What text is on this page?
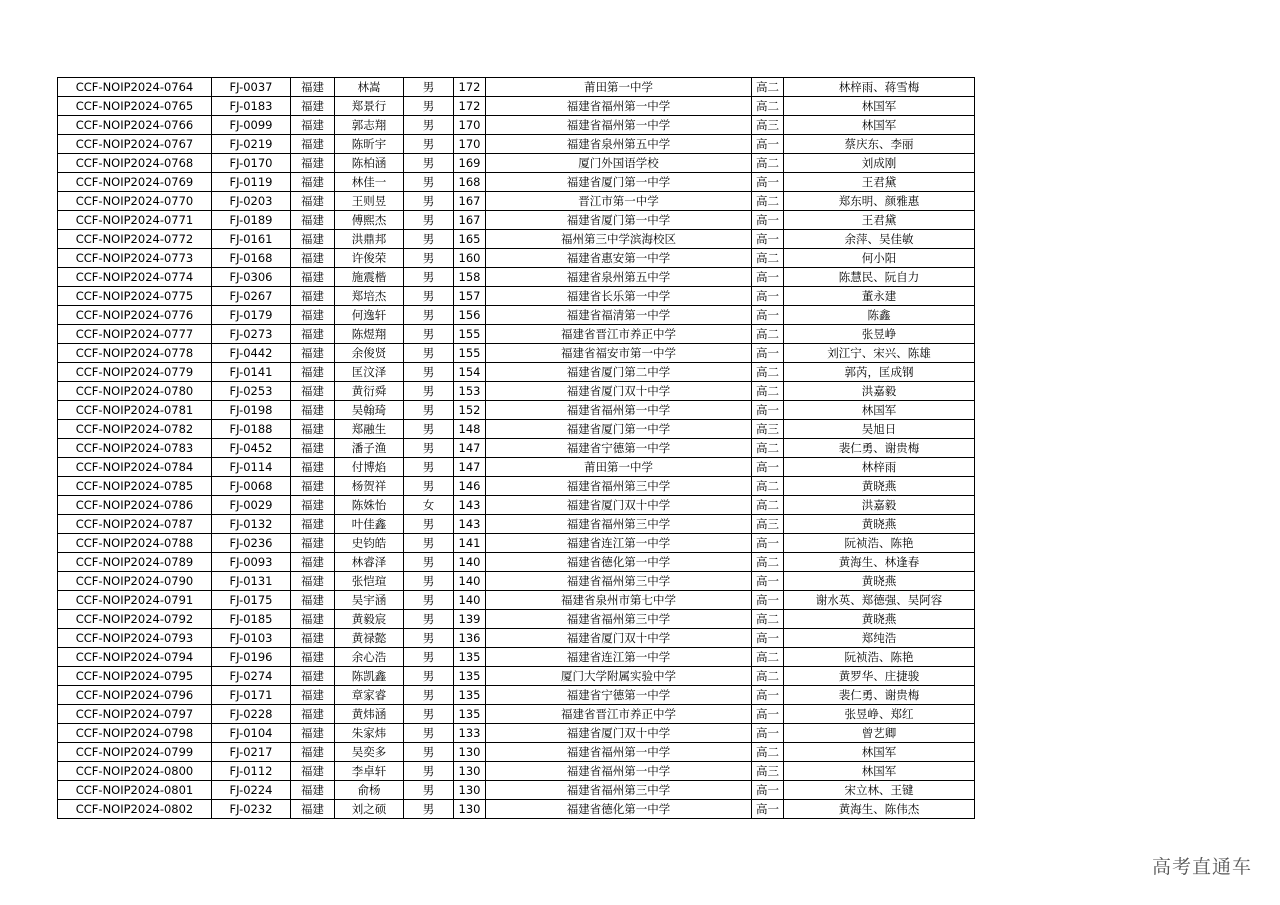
CCF-NOIP2024-0764	FJ-0037	福建	林嵩	男	172	莆田第一中学	高二	林梓雨、蒋雪梅
CCF-NOIP2024-0765	FJ-0183	福建	郑景行	男	172	福建省福州第一中学	高二	林国军
CCF-NOIP2024-0766	FJ-0099	福建	郭志翔	男	170	福建省福州第一中学	高三	林国军
CCF-NOIP2024-0767	FJ-0219	福建	陈昕宇	男	170	福建省泉州第五中学	高一	蔡庆东、李丽
CCF-NOIP2024-0768	FJ-0170	福建	陈柏涵	男	169	厦门外国语学校	高二	刘成刚
CCF-NOIP2024-0769	FJ-0119	福建	林佳一	男	168	福建省厦门第一中学	高一	王君黛
CCF-NOIP2024-0770	FJ-0203	福建	王则昱	男	167	晋江市第一中学	高二	郑东明、颜雅惠
CCF-NOIP2024-0771	FJ-0189	福建	傅熙杰	男	167	福建省厦门第一中学	高一	王君黛
CCF-NOIP2024-0772	FJ-0161	福建	洪鼎邦	男	165	福州第三中学滨海校区	高一	余萍、吴佳敏
CCF-NOIP2024-0773	FJ-0168	福建	许俊荣	男	160	福建省惠安第一中学	高二	何小阳
CCF-NOIP2024-0774	FJ-0306	福建	施震楷	男	158	福建省泉州第五中学	高一	陈慧民、阮自力
CCF-NOIP2024-0775	FJ-0267	福建	郑培杰	男	157	福建省长乐第一中学	高一	董永建
CCF-NOIP2024-0776	FJ-0179	福建	何逸轩	男	156	福建省福清第一中学	高一	陈鑫
CCF-NOIP2024-0777	FJ-0273	福建	陈煜翔	男	155	福建省晋江市养正中学	高二	张昱峥
CCF-NOIP2024-0778	FJ-0442	福建	余俊贤	男	155	福建省福安市第一中学	高一	刘江宁、宋兴、陈雄
CCF-NOIP2024-0779	FJ-0141	福建	匡汶泽	男	154	福建省厦门第二中学	高二	郭芮，匡成钢
CCF-NOIP2024-0780	FJ-0253	福建	黄衍舜	男	153	福建省厦门双十中学	高二	洪嘉毅
CCF-NOIP2024-0781	FJ-0198	福建	吴翰琦	男	152	福建省福州第一中学	高一	林国军
CCF-NOIP2024-0782	FJ-0188	福建	郑融生	男	148	福建省厦门第一中学	高三	吴旭日
CCF-NOIP2024-0783	FJ-0452	福建	潘子渔	男	147	福建省宁德第一中学	高二	裴仁勇、谢贵梅
CCF-NOIP2024-0784	FJ-0114	福建	付博焰	男	147	莆田第一中学	高一	林梓雨
CCF-NOIP2024-0785	FJ-0068	福建	杨贺祥	男	146	福建省福州第三中学	高二	黄晓燕
CCF-NOIP2024-0786	FJ-0029	福建	陈姝怡	女	143	福建省厦门双十中学	高二	洪嘉毅
CCF-NOIP2024-0787	FJ-0132	福建	叶佳鑫	男	143	福建省福州第三中学	高三	黄晓燕
CCF-NOIP2024-0788	FJ-0236	福建	史钧皓	男	141	福建省连江第一中学	高一	阮祯浩、陈艳
CCF-NOIP2024-0789	FJ-0093	福建	林睿泽	男	140	福建省德化第一中学	高二	黄海生、林逢春
CCF-NOIP2024-0790	FJ-0131	福建	张恺瑄	男	140	福建省福州第三中学	高一	黄晓燕
CCF-NOIP2024-0791	FJ-0175	福建	吴宇涵	男	140	福建省泉州市第七中学	高一	谢水英、郑德强、吴阿容
CCF-NOIP2024-0792	FJ-0185	福建	黄毅宸	男	139	福建省福州第三中学	高二	黄晓燕
CCF-NOIP2024-0793	FJ-0103	福建	黄禄懿	男	136	福建省厦门双十中学	高一	郑纯浩
CCF-NOIP2024-0794	FJ-0196	福建	余心浩	男	135	福建省连江第一中学	高二	阮祯浩、陈艳
CCF-NOIP2024-0795	FJ-0274	福建	陈凯鑫	男	135	厦门大学附属实验中学	高二	黄罗华、庄捷骏
CCF-NOIP2024-0796	FJ-0171	福建	章家睿	男	135	福建省宁德第一中学	高一	裴仁勇、谢贵梅
CCF-NOIP2024-0797	FJ-0228	福建	黄炜涵	男	135	福建省晋江市养正中学	高一	张昱峥、郑红
CCF-NOIP2024-0798	FJ-0104	福建	朱家炜	男	133	福建省厦门双十中学	高一	曾艺卿
CCF-NOIP2024-0799	FJ-0217	福建	吴奕多	男	130	福建省福州第一中学	高二	林国军
CCF-NOIP2024-0800	FJ-0112	福建	李卓轩	男	130	福建省福州第一中学	高三	林国军
CCF-NOIP2024-0801	FJ-0224	福建	俞杨	男	130	福建省福州第三中学	高一	宋立林、王键
CCF-NOIP2024-0802	FJ-0232	福建	刘之硕	男	130	福建省德化第一中学	高一	黄海生、陈伟杰
高考直通车
